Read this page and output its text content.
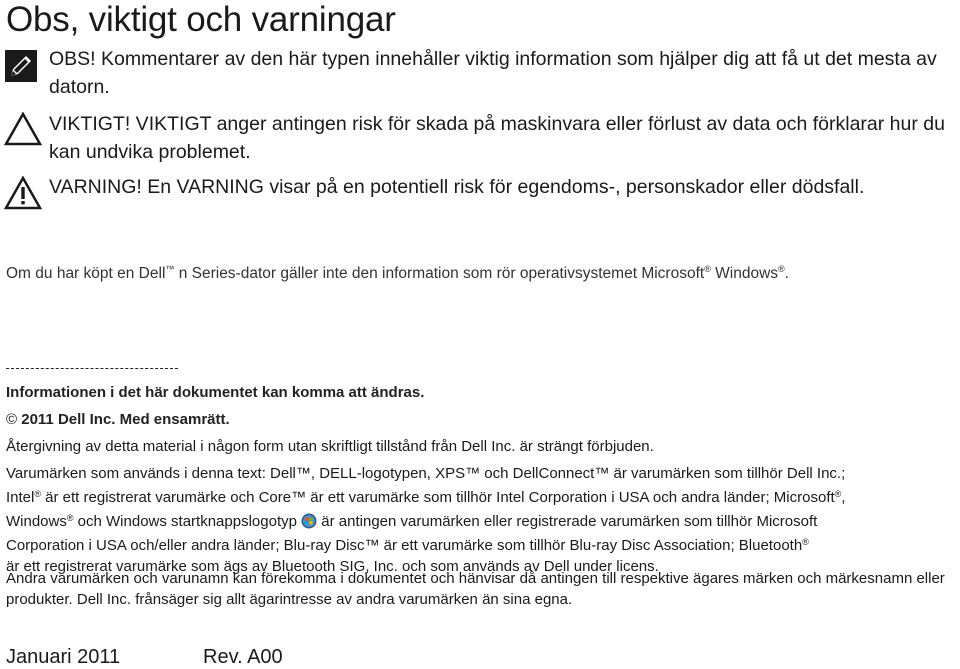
Obs, viktigt och varningar
OBS! Kommentarer av den här typen innehåller viktig information som hjälper dig att få ut det mesta av datorn.
VIKTIGT! VIKTIGT anger antingen risk för skada på maskinvara eller förlust av data och förklarar hur du kan undvika problemet.
VARNING! En VARNING visar på en potentiell risk för egendoms-, personskador eller dödsfall.
Om du har köpt en Dell™ n Series-dator gäller inte den information som rör operativsystemet Microsoft® Windows®.
Informationen i det här dokumentet kan komma att ändras.
© 2011 Dell Inc. Med ensamrätt.
Återgivning av detta material i någon form utan skriftligt tillstånd från Dell Inc. är strängt förbjuden.
Varumärken som används i denna text: Dell™, DELL-logotypen, XPS™ och DellConnect™ är varumärken som tillhör Dell Inc.;
Intel® är ett registrerat varumärke och Core™ är ett varumärke som tillhör Intel Corporation i USA och andra länder; Microsoft®,
Windows® och Windows startknappslogotyp  är antingen varumärken eller registrerade varumärken som tillhör Microsoft
Corporation i USA och/eller andra länder; Blu-ray Disc™ är ett varumärke som tillhör Blu-ray Disc Association; Bluetooth®
är ett registrerat varumärke som ägs av Bluetooth SIG, Inc. och som används av Dell under licens.
Andra varumärken och varunamn kan förekomma i dokumentet och hänvisar då antingen till respektive ägares märken och märkesnamn eller produkter. Dell Inc. frånsäger sig allt ägarintresse av andra varumärken än sina egna.
Januari 2011	Rev. A00
